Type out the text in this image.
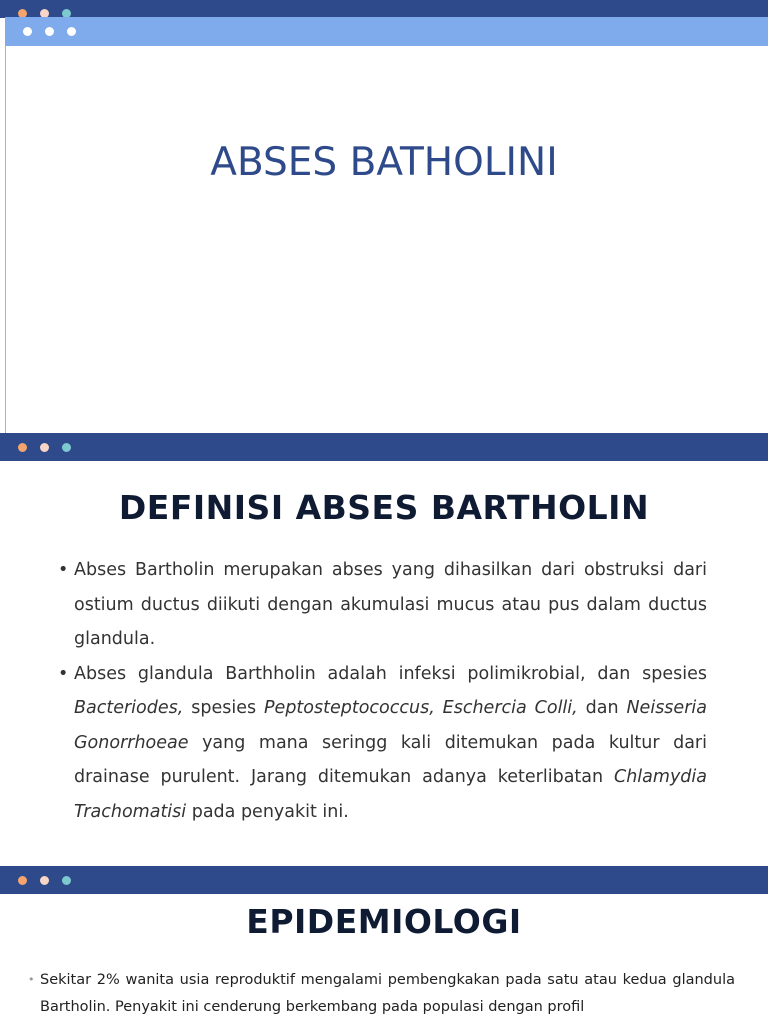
ABSES BATHOLINI
DEFINISI ABSES BARTHOLIN
• Abses Bartholin merupakan abses yang dihasilkan dari obstruksi dari ostium ductus diikuti dengan akumulasi mucus atau pus dalam ductus glandula.
• Abses glandula Barthholin adalah infeksi polimikrobial, dan spesies Bacteriodes, spesies Peptosteptococcus, Eschercia Colli, dan Neisseria Gonorrhoeae yang mana seringg kali ditemukan pada kultur dari drainase purulent. Jarang ditemukan adanya keterlibatan Chlamydia Trachomatisi pada penyakit ini.
EPIDEMIOLOGI
• Sekitar 2% wanita usia reproduktif mengalami pembengkakan pada satu atau kedua glandula Bartholin. Penyakit ini cenderung berkembang pada populasi dengan profil
